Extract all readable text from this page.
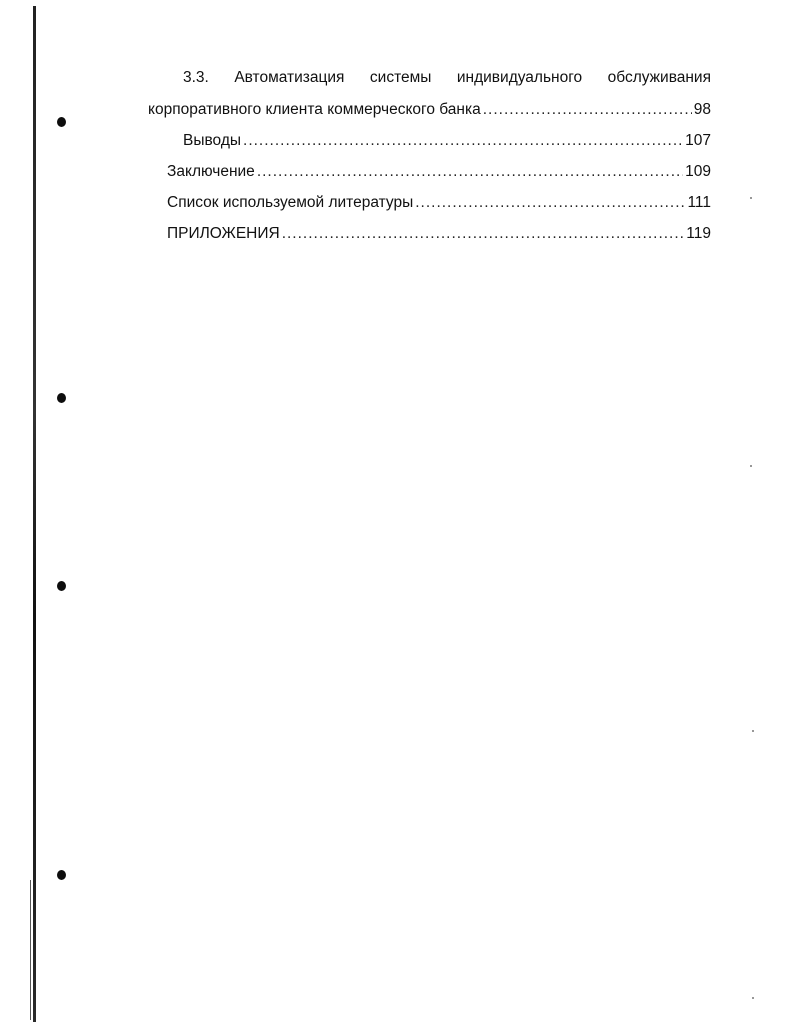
3.3. Автоматизация системы индивидуального обслуживания
корпоративного клиента коммерческого банка .....	98
Выводы .....	107
Заключение .....	109
Список используемой литературы .....	111
ПРИЛОЖЕНИЯ .....	119
